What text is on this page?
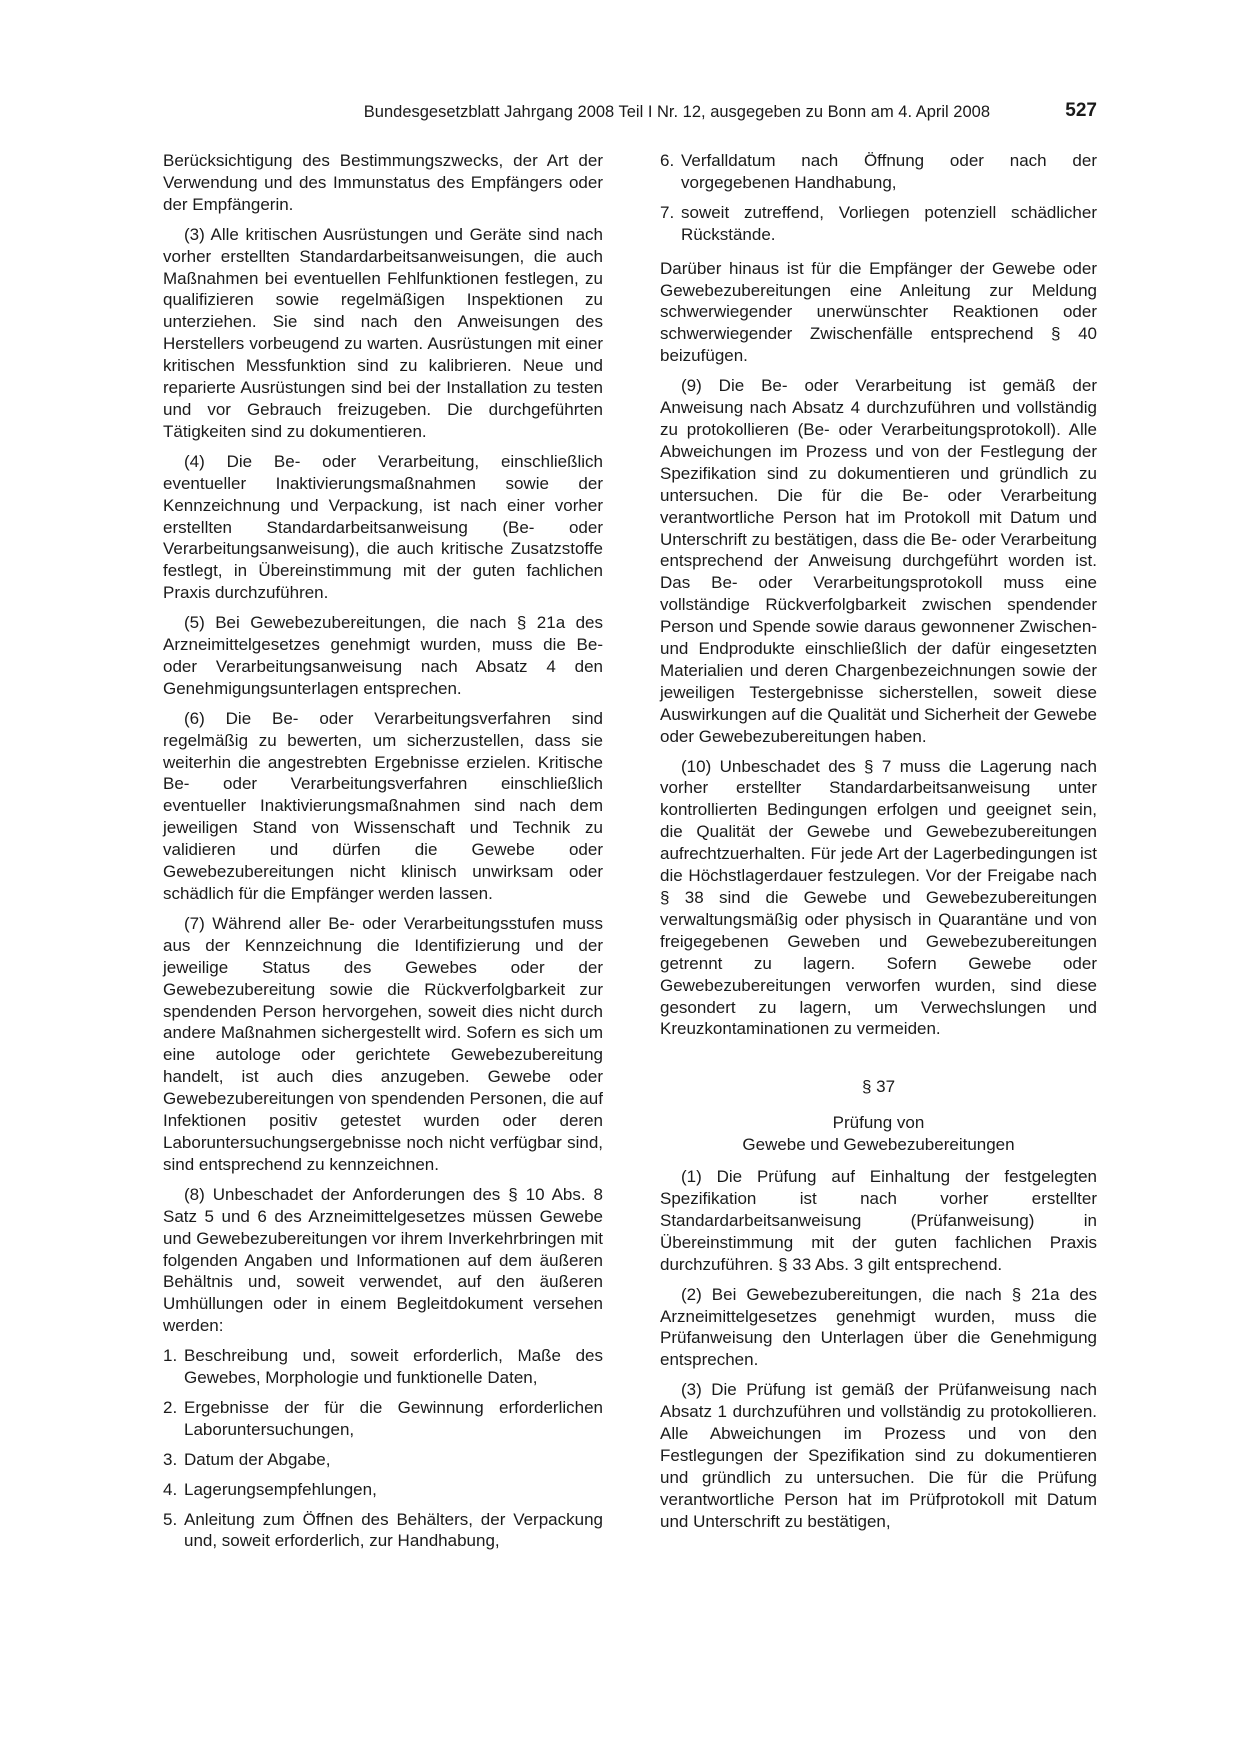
Bundesgesetzblatt Jahrgang 2008 Teil I Nr. 12, ausgegeben zu Bonn am 4. April 2008	527

Berücksichtigung des Bestimmungszwecks, der Art der Verwendung und des Immunstatus des Empfängers oder der Empfängerin.

(3) Alle kritischen Ausrüstungen und Geräte sind nach vorher erstellten Standardarbeitsanweisungen, die auch Maßnahmen bei eventuellen Fehlfunktionen festlegen, zu qualifizieren sowie regelmäßigen Inspektionen zu unterziehen. Sie sind nach den Anweisungen des Herstellers vorbeugend zu warten. Ausrüstungen mit einer kritischen Messfunktion sind zu kalibrieren. Neue und reparierte Ausrüstungen sind bei der Installation zu testen und vor Gebrauch freizugeben. Die durchgeführten Tätigkeiten sind zu dokumentieren.

(4) Die Be- oder Verarbeitung, einschließlich eventueller Inaktivierungsmaßnahmen sowie der Kennzeichnung und Verpackung, ist nach einer vorher erstellten Standardarbeitsanweisung (Be- oder Verarbeitungsanweisung), die auch kritische Zusatzstoffe festlegt, in Übereinstimmung mit der guten fachlichen Praxis durchzuführen.

(5) Bei Gewebezubereitungen, die nach § 21a des Arzneimittelgesetzes genehmigt wurden, muss die Be- oder Verarbeitungsanweisung nach Absatz 4 den Genehmigungsunterlagen entsprechen.

(6) Die Be- oder Verarbeitungsverfahren sind regelmäßig zu bewerten, um sicherzustellen, dass sie weiterhin die angestrebten Ergebnisse erzielen. Kritische Be- oder Verarbeitungsverfahren einschließlich eventueller Inaktivierungsmaßnahmen sind nach dem jeweiligen Stand von Wissenschaft und Technik zu validieren und dürfen die Gewebe oder Gewebezubereitungen nicht klinisch unwirksam oder schädlich für die Empfänger werden lassen.

(7) Während aller Be- oder Verarbeitungsstufen muss aus der Kennzeichnung die Identifizierung und der jeweilige Status des Gewebes oder der Gewebezubereitung sowie die Rückverfolgbarkeit zur spendenden Person hervorgehen, soweit dies nicht durch andere Maßnahmen sichergestellt wird. Sofern es sich um eine autologe oder gerichtete Gewebezubereitung handelt, ist auch dies anzugeben. Gewebe oder Gewebezubereitungen von spendenden Personen, die auf Infektionen positiv getestet wurden oder deren Laboruntersuchungsergebnisse noch nicht verfügbar sind, sind entsprechend zu kennzeichnen.

(8) Unbeschadet der Anforderungen des § 10 Abs. 8 Satz 5 und 6 des Arzneimittelgesetzes müssen Gewebe und Gewebezubereitungen vor ihrem Inverkehrbringen mit folgenden Angaben und Informationen auf dem äußeren Behältnis und, soweit verwendet, auf den äußeren Umhüllungen oder in einem Begleitdokument versehen werden:

1. Beschreibung und, soweit erforderlich, Maße des Gewebes, Morphologie und funktionelle Daten,
2. Ergebnisse der für die Gewinnung erforderlichen Laboruntersuchungen,
3. Datum der Abgabe,
4. Lagerungsempfehlungen,
5. Anleitung zum Öffnen des Behälters, der Verpackung und, soweit erforderlich, zur Handhabung,
6. Verfalldatum nach Öffnung oder nach der vorgegebenen Handhabung,
7. soweit zutreffend, Vorliegen potenziell schädlicher Rückstände.

Darüber hinaus ist für die Empfänger der Gewebe oder Gewebezubereitungen eine Anleitung zur Meldung schwerwiegender unerwünschter Reaktionen oder schwerwiegender Zwischenfälle entsprechend § 40 beizufügen.

(9) Die Be- oder Verarbeitung ist gemäß der Anweisung nach Absatz 4 durchzuführen und vollständig zu protokollieren (Be- oder Verarbeitungsprotokoll). Alle Abweichungen im Prozess und von der Festlegung der Spezifikation sind zu dokumentieren und gründlich zu untersuchen. Die für die Be- oder Verarbeitung verantwortliche Person hat im Protokoll mit Datum und Unterschrift zu bestätigen, dass die Be- oder Verarbeitung entsprechend der Anweisung durchgeführt worden ist. Das Be- oder Verarbeitungsprotokoll muss eine vollständige Rückverfolgbarkeit zwischen spendender Person und Spende sowie daraus gewonnener Zwischen- und Endprodukte einschließlich der dafür eingesetzten Materialien und deren Chargenbezeichnungen sowie der jeweiligen Testergebnisse sicherstellen, soweit diese Auswirkungen auf die Qualität und Sicherheit der Gewebe oder Gewebezubereitungen haben.

(10) Unbeschadet des § 7 muss die Lagerung nach vorher erstellter Standardarbeitsanweisung unter kontrollierten Bedingungen erfolgen und geeignet sein, die Qualität der Gewebe und Gewebezubereitungen aufrechtzuerhalten. Für jede Art der Lagerbedingungen ist die Höchstlagerdauer festzulegen. Vor der Freigabe nach § 38 sind die Gewebe und Gewebezubereitungen verwaltungsmäßig oder physisch in Quarantäne und von freigegebenen Geweben und Gewebezubereitungen getrennt zu lagern. Sofern Gewebe oder Gewebezubereitungen verworfen wurden, sind diese gesondert zu lagern, um Verwechslungen und Kreuzkontaminationen zu vermeiden.

§ 37
Prüfung von
Gewebe und Gewebezubereitungen

(1) Die Prüfung auf Einhaltung der festgelegten Spezifikation ist nach vorher erstellter Standardarbeitsanweisung (Prüfanweisung) in Übereinstimmung mit der guten fachlichen Praxis durchzuführen. § 33 Abs. 3 gilt entsprechend.

(2) Bei Gewebezubereitungen, die nach § 21a des Arzneimittelgesetzes genehmigt wurden, muss die Prüfanweisung den Unterlagen über die Genehmigung entsprechen.

(3) Die Prüfung ist gemäß der Prüfanweisung nach Absatz 1 durchzuführen und vollständig zu protokollieren. Alle Abweichungen im Prozess und von den Festlegungen der Spezifikation sind zu dokumentieren und gründlich zu untersuchen. Die für die Prüfung verantwortliche Person hat im Prüfprotokoll mit Datum und Unterschrift zu bestätigen,
